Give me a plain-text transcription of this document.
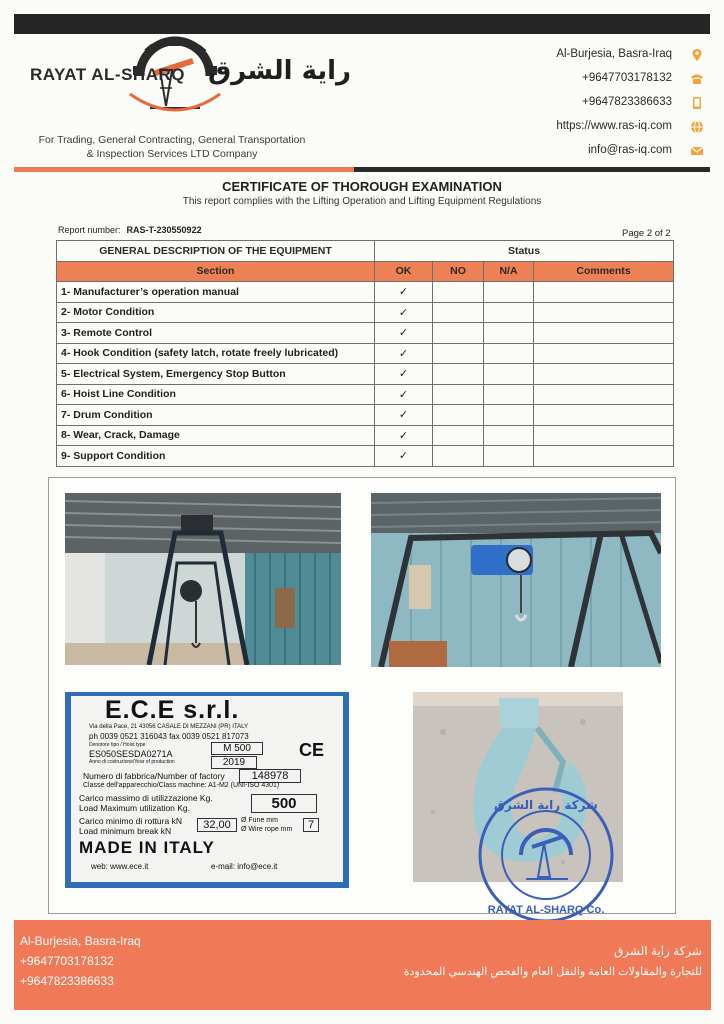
RAYAT AL-SHARQ راية الشرق
For Trading, General Contracting, General Transportation
& Inspection Services LTD Company
Al-Burjesia, Basra-Iraq
+9647703178132
+9647823386633
https://www.ras-iq.com
info@ras-iq.com
CERTIFICATE OF THOROUGH EXAMINATION
This report complies with the Lifting Operation and Lifting Equipment Regulations
Report number: RAS-T-230550922	Page 2 of 2
GENERAL DESCRIPTION OF THE EQUIPMENT	Status			
Section	OK	NO	N/A	Comments
1- Manufacturer’s operation manual	✓			
2- Motor Condition	✓			
3- Remote Control	✓			
4- Hook Condition (safety latch, rotate freely lubricated)	✓			
5- Electrical System, Emergency Stop Button	✓			
6- Hoist Line Condition	✓			
7- Drum Condition	✓			
8- Wear, Crack, Damage	✓			
9- Support Condition	✓			
E.C.E s.r.l.
Via della Pace, 21 43056 CASALE DI MEZZANI (PR) ITALY
ph 0039 0521 316043 fax 0039 0521 817073
Denotore tipo / Hoist type
ES050SESDA0271A	M 500	CE
Anno di costruzione/Year of production	2019
Numero di fabbrica/Number of factory	148978
Classe dell'apparecchio/Class machine: A1-M2 (UNI-ISO 4301)
Carico massimo di utilizzazione Kg.
Load Maximum utilization Kg.	500
Carico minimo di rottura kN
Load minimum break kN	32,00	Ø Fune mm
Ø Wire rope mm	7
MADE IN ITALY
web: www.ece.it	e-mail: info@ece.it
شركة راية الشرق
RAYAT AL-SHARQ Co.
Al-Burjesia, Basra-Iraq
+9647703178132
+9647823386633
شركة راية الشرق
للتجارة والمقاولات العامة والنقل العام والفحص الهندسي المحدودة
